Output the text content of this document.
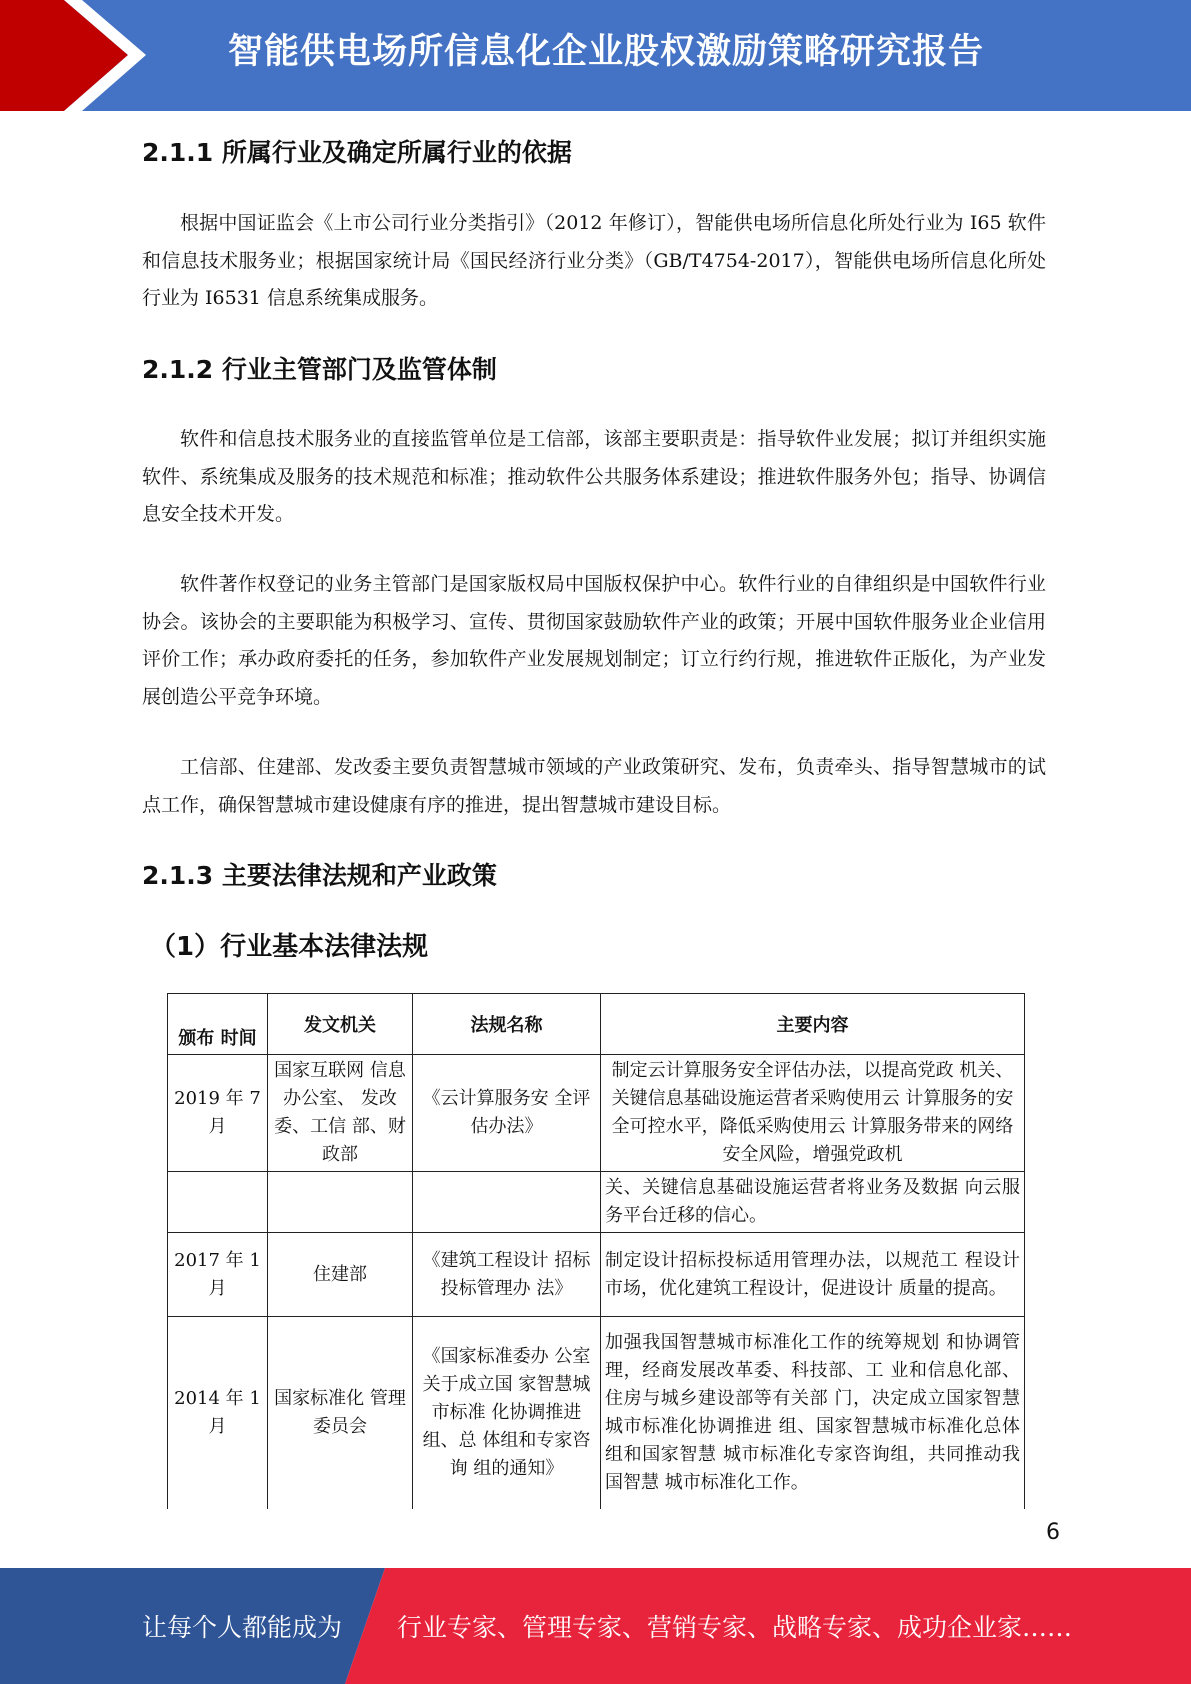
智能供电场所信息化企业股权激励策略研究报告
2.1.1 所属行业及确定所属行业的依据
根据中国证监会《上市公司行业分类指引》（2012 年修订），智能供电场所信息化所处行业为 I65 软件和信息技术服务业；根据国家统计局《国民经济行业分类》（GB/T4754-2017），智能供电场所信息化所处行业为 I6531 信息系统集成服务。
2.1.2 行业主管部门及监管体制
软件和信息技术服务业的直接监管单位是工信部，该部主要职责是：指导软件业发展；拟订并组织实施软件、系统集成及服务的技术规范和标准；推动软件公共服务体系建设；推进软件服务外包；指导、协调信息安全技术开发。
软件著作权登记的业务主管部门是国家版权局中国版权保护中心。软件行业的自律组织是中国软件行业协会。该协会的主要职能为积极学习、宣传、贯彻国家鼓励软件产业的政策；开展中国软件服务业企业信用评价工作；承办政府委托的任务，参加软件产业发展规划制定；订立行约行规，推进软件正版化，为产业发展创造公平竞争环境。
工信部、住建部、发改委主要负责智慧城市领域的产业政策研究、发布，负责牵头、指导智慧城市的试点工作，确保智慧城市建设健康有序的推进，提出智慧城市建设目标。
2.1.3 主要法律法规和产业政策
（1）行业基本法律法规
颁布 时间	发文机关	法规名称	主要内容
2019 年 7 月	国家互联网 信息办公室、 发改委、工信 部、财政部	《云计算服务安 全评估办法》	制定云计算服务安全评估办法，以提高党政 机关、关键信息基础设施运营者采购使用云 计算服务的安全可控水平，降低采购使用云 计算服务带来的网络安全风险，增强党政机
			关、关键信息基础设施运营者将业务及数据 向云服务平台迁移的信心。
2017 年 1 月	住建部	《建筑工程设计 招标投标管理办 法》	制定设计招标投标适用管理办法，以规范工 程设计市场，优化建筑工程设计，促进设计 质量的提高。
2014 年 1 月	国家标准化 管理委员会	《国家标准委办 公室关于成立国 家智慧城市标准 化协调推进组、总 体组和专家咨询 组的通知》	加强我国智慧城市标准化工作的统筹规划 和协调管理，经商发展改革委、科技部、工 业和信息化部、住房与城乡建设部等有关部 门，决定成立国家智慧城市标准化协调推进 组、国家智慧城市标准化总体组和国家智慧 城市标准化专家咨询组，共同推动我国智慧 城市标准化工作。
6
让每个人都能成为 行业专家、管理专家、营销专家、战略专家、成功企业家……
